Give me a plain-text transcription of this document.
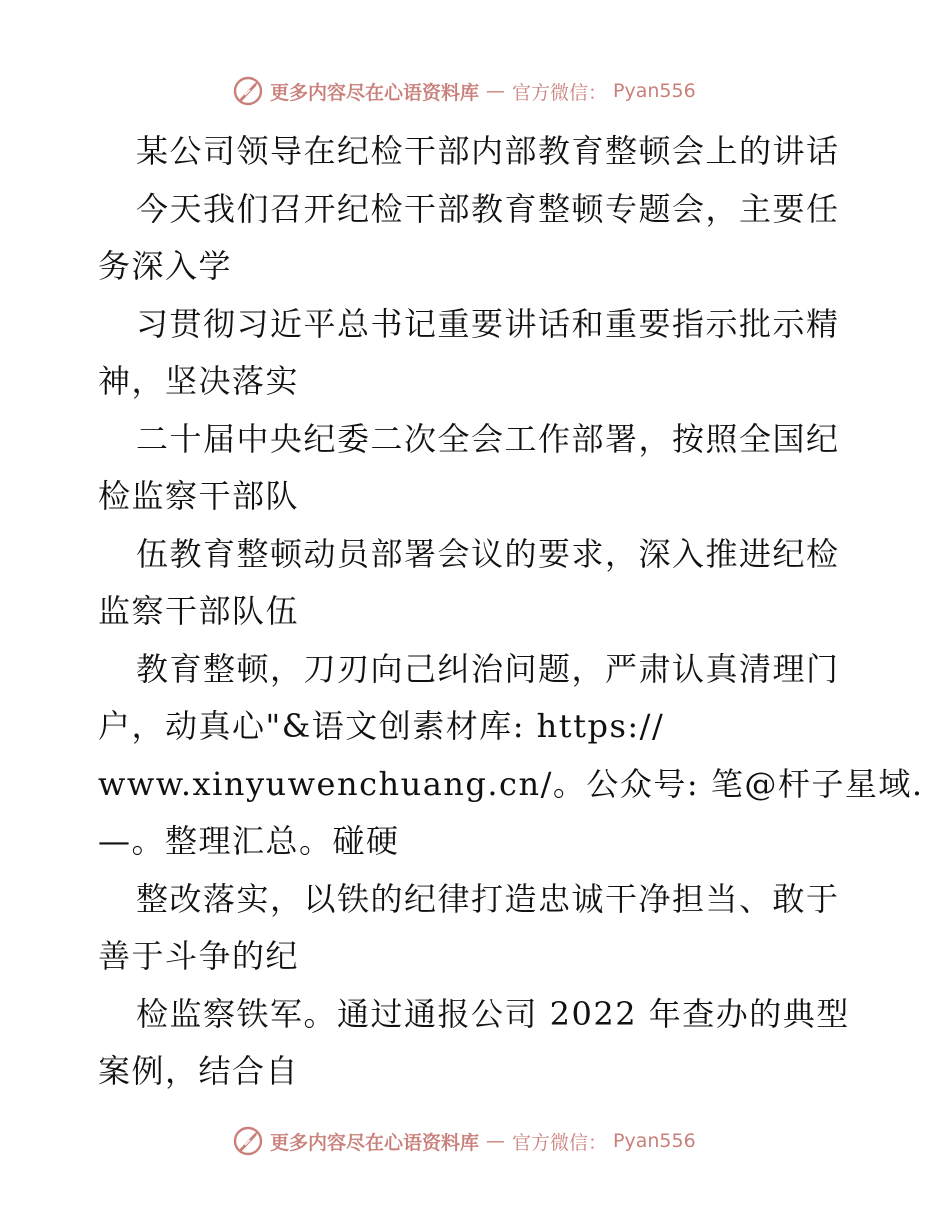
更多内容尽在心语资料库 — 官方微信： Pyan556
某公司领导在纪检干部内部教育整顿会上的讲话
今天我们召开纪检干部教育整顿专题会，主要任
务深入学
习贯彻习近平总书记重要讲话和重要指示批示精
神，坚决落实
二十届中央纪委二次全会工作部署，按照全国纪
检监察干部队
伍教育整顿动员部署会议的要求，深入推进纪检
监察干部队伍
教育整顿，刀刃向己纠治问题，严肃认真清理门
户，动真心"&语文创素材库: https://
www.xinyuwenchuang.cn/。公众号: 笔@杆子星域.
—。整理汇总。碰硬
整改落实，以铁的纪律打造忠诚干净担当、敢于
善于斗争的纪
检监察铁军。通过通报公司 2022 年查办的典型
案例，结合自
更多内容尽在心语资料库 — 官方微信： Pyan556
